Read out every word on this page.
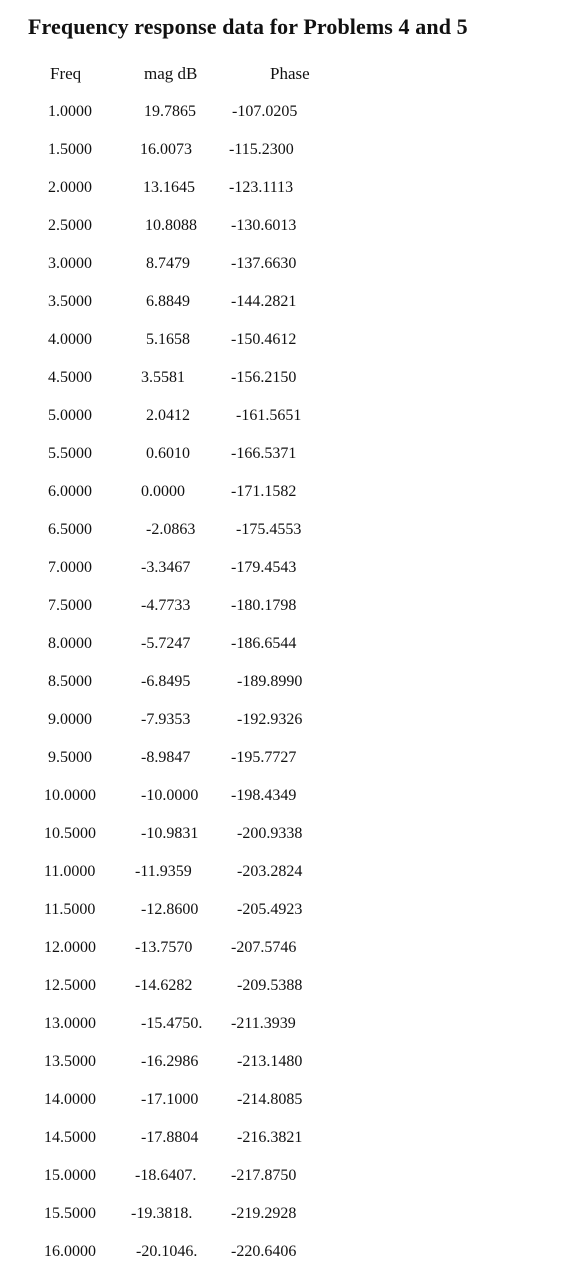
Frequency response data for Problems 4 and 5
Freq	mag dB	Phase
1.0000	19.7865 -107.0205
1.5000	16.0073 -115.2300
2.0000	13.1645 -123.1113
2.5000	10.8088 -130.6013
3.0000	8.7479	-137.6630
3.5000	6.8849	-144.2821
4.0000	5.1658	-150.4612
4.5000	3.5581	-156.2150
5.0000	2.0412	-161.5651
5.5000	0.6010	-166.5371
6.0000	0.0000	-171.1582
6.5000	-2.0863	-175.4553
7.0000	-3.3467	-179.4543
7.5000	-4.7733	-180.1798
8.0000	-5.7247	-186.6544
8.5000	-6.8495	-189.8990
9.0000	-7.9353	-192.9326
9.5000	-8.9847	-195.7727
10.0000	-10.0000 -198.4349
10.5000	-10.9831 -200.9338
11.0000 -11.9359	-203.2824
11.5000	-12.8600 -205.4923
12.0000 -13.7570 -207.5746
12.5000 -14.6282	-209.5388
13.0000	-15.4750. -211.3939
13.5000	-16.2986 -213.1480
14.0000	-17.1000 -214.8085
14.5000	-17.8804 -216.3821
15.0000 -18.6407. -217.8750
15.5000 -19.3818. -219.2928
16.0000	-20.1046. -220.6406
